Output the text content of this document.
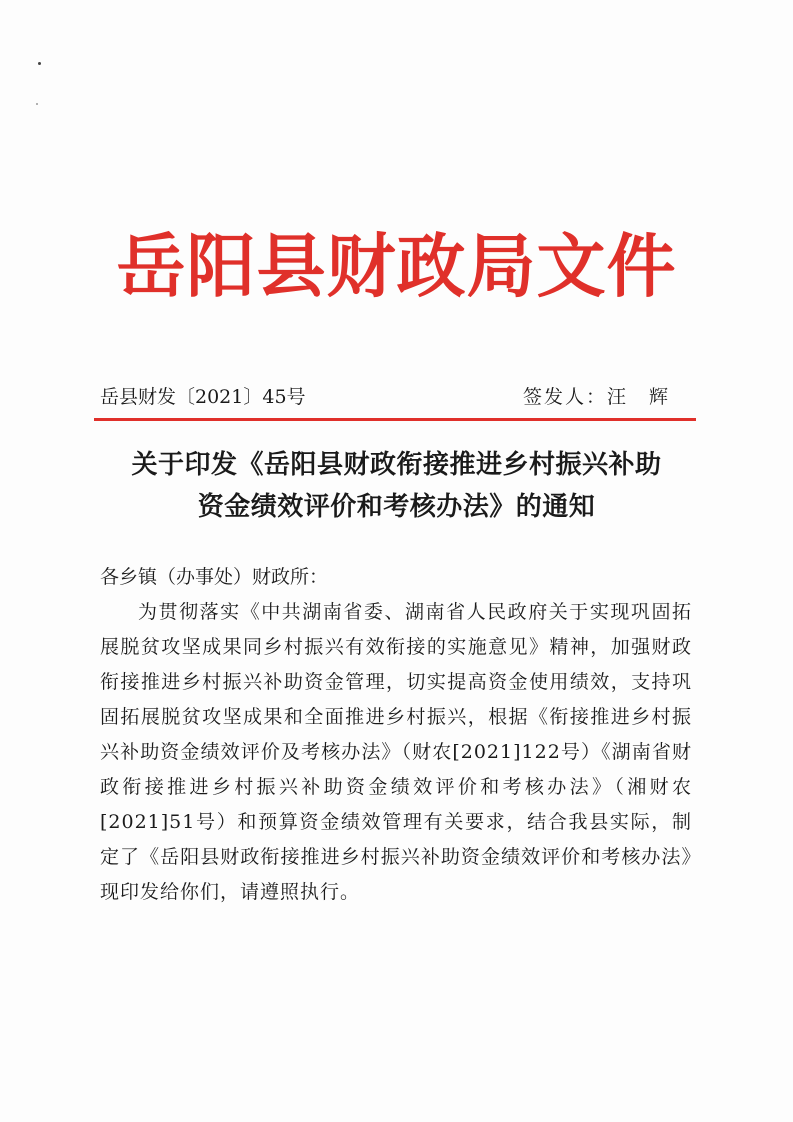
岳阳县财政局文件
岳县财发〔2021〕45号	签发人：汪　辉
关于印发《岳阳县财政衔接推进乡村振兴补助
资金绩效评价和考核办法》的通知

各乡镇（办事处）财政所：

为贯彻落实《中共湖南省委、湖南省人民政府关于实现巩固拓展脱贫攻坚成果同乡村振兴有效衔接的实施意见》精神，加强财政衔接推进乡村振兴补助资金管理，切实提高资金使用绩效，支持巩固拓展脱贫攻坚成果和全面推进乡村振兴，根据《衔接推进乡村振兴补助资金绩效评价及考核办法》（财农[2021]122号）《湖南省财政衔接推进乡村振兴补助资金绩效评价和考核办法》（湘财农[2021]51号）和预算资金绩效管理有关要求，结合我县实际，制定了《岳阳县财政衔接推进乡村振兴补助资金绩效评价和考核办法》现印发给你们，请遵照执行。
